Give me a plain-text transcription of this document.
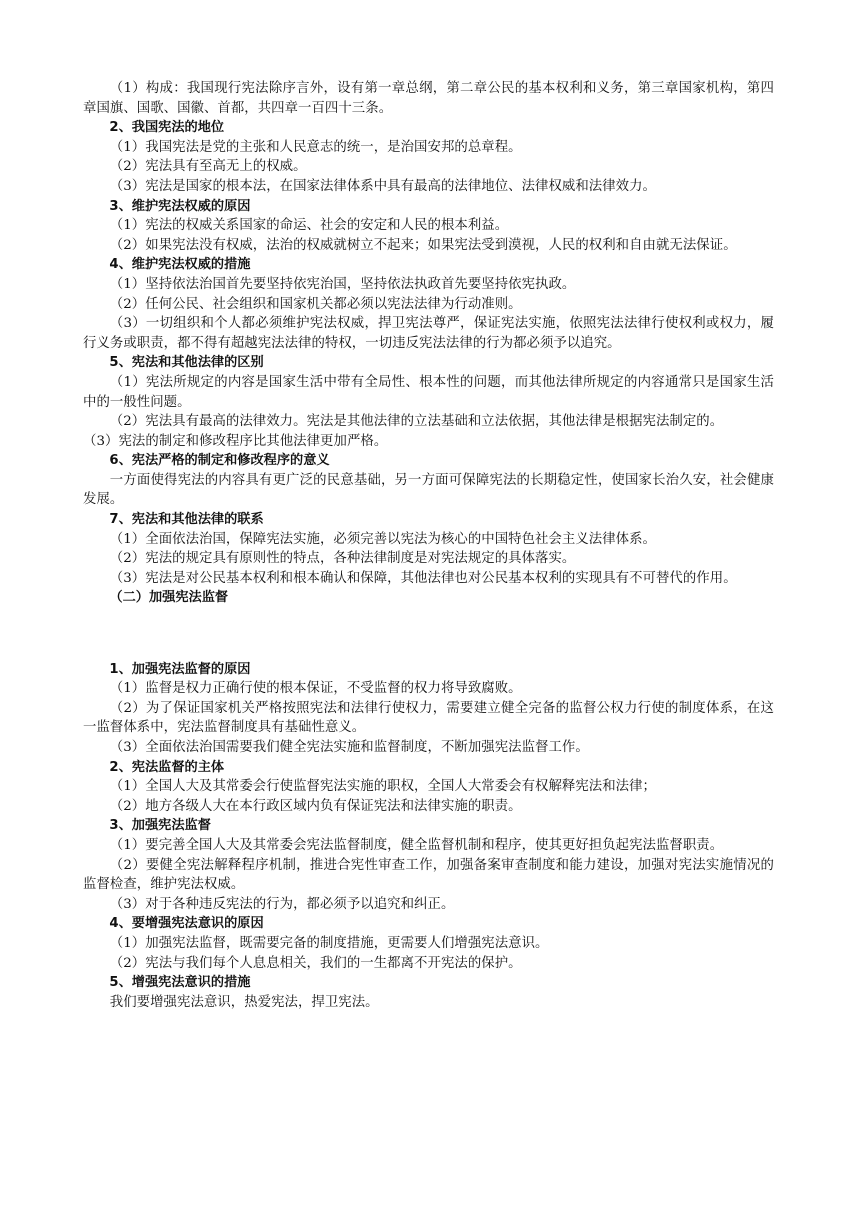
（1）构成：我国现行宪法除序言外，设有第一章总纲，第二章公民的基本权利和义务，第三章国家机构，第四章国旗、国歌、国徽、首都，共四章一百四十三条。

2、我国宪法的地位

（1）我国宪法是党的主张和人民意志的统一，是治国安邦的总章程。

（2）宪法具有至高无上的权威。

（3）宪法是国家的根本法，在国家法律体系中具有最高的法律地位、法律权威和法律效力。

3、维护宪法权威的原因

（1）宪法的权威关系国家的命运、社会的安定和人民的根本利益。

（2）如果宪法没有权威，法治的权威就树立不起来；如果宪法受到漠视，人民的权利和自由就无法保证。

4、维护宪法权威的措施

（1）坚持依法治国首先要坚持依宪治国，坚持依法执政首先要坚持依宪执政。

（2）任何公民、社会组织和国家机关都必须以宪法法律为行动准则。

（3）一切组织和个人都必须维护宪法权威，捍卫宪法尊严，保证宪法实施，依照宪法法律行使权利或权力，履行义务或职责，都不得有超越宪法法律的特权，一切违反宪法法律的行为都必须予以追究。

5、宪法和其他法律的区别

（1）宪法所规定的内容是国家生活中带有全局性、根本性的问题，而其他法律所规定的内容通常只是国家生活中的一般性问题。

（2）宪法具有最高的法律效力。宪法是其他法律的立法基础和立法依据，其他法律是根据宪法制定的。

（3）宪法的制定和修改程序比其他法律更加严格。

6、宪法严格的制定和修改程序的意义

一方面使得宪法的内容具有更广泛的民意基础，另一方面可保障宪法的长期稳定性，使国家长治久安，社会健康发展。

7、宪法和其他法律的联系

（1）全面依法治国，保障宪法实施，必须完善以宪法为核心的中国特色社会主义法律体系。

（2）宪法的规定具有原则性的特点，各种法律制度是对宪法规定的具体落实。

（3）宪法是对公民基本权利和根本确认和保障，其他法律也对公民基本权利的实现具有不可替代的作用。

（二）加强宪法监督

1、加强宪法监督的原因

（1）监督是权力正确行使的根本保证，不受监督的权力将导致腐败。

（2）为了保证国家机关严格按照宪法和法律行使权力，需要建立健全完备的监督公权力行使的制度体系，在这一监督体系中，宪法监督制度具有基础性意义。

（3）全面依法治国需要我们健全宪法实施和监督制度，不断加强宪法监督工作。

2、宪法监督的主体

（1）全国人大及其常委会行使监督宪法实施的职权，全国人大常委会有权解释宪法和法律；

（2）地方各级人大在本行政区域内负有保证宪法和法律实施的职责。

3、加强宪法监督

（1）要完善全国人大及其常委会宪法监督制度，健全监督机制和程序，使其更好担负起宪法监督职责。

（2）要健全宪法解释程序机制，推进合宪性审查工作，加强备案审查制度和能力建设，加强对宪法实施情况的监督检查，维护宪法权威。

（3）对于各种违反宪法的行为，都必须予以追究和纠正。

4、要增强宪法意识的原因

（1）加强宪法监督，既需要完备的制度措施，更需要人们增强宪法意识。

（2）宪法与我们每个人息息相关，我们的一生都离不开宪法的保护。

5、增强宪法意识的措施

我们要增强宪法意识，热爱宪法，捍卫宪法。
